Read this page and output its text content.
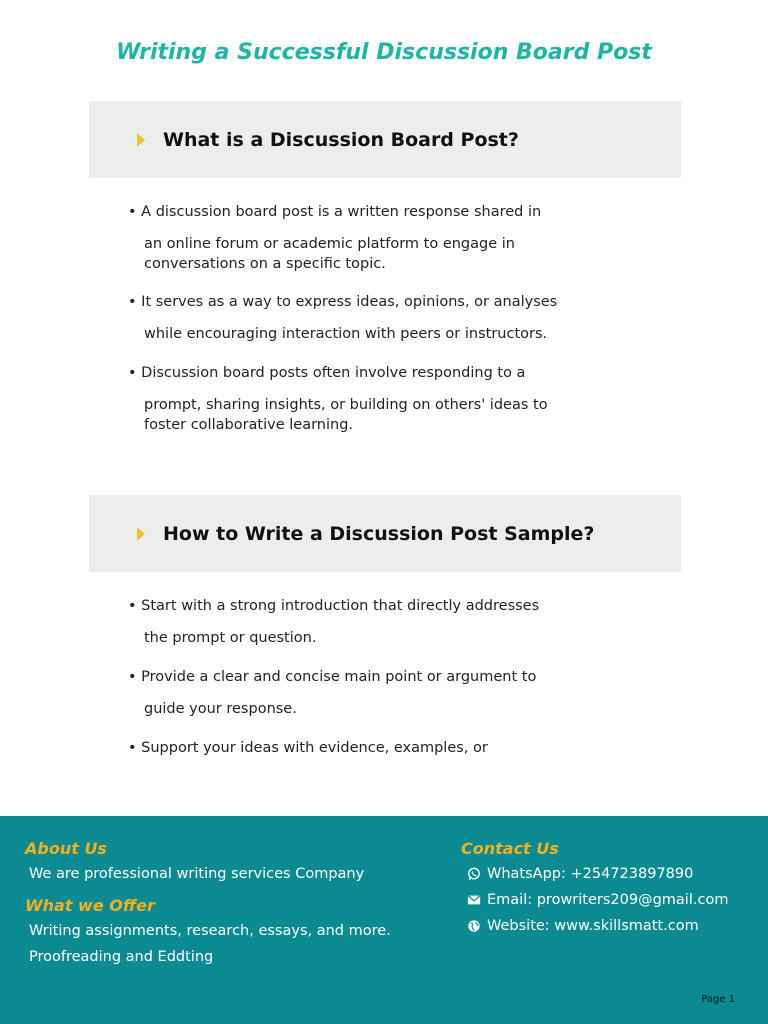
Writing a Successful Discussion Board Post
What is a Discussion Board Post?
• A discussion board post is a written response shared in
an online forum or academic platform to engage in conversations on a specific topic.
• It serves as a way to express ideas, opinions, or analyses
while encouraging interaction with peers or instructors.
• Discussion board posts often involve responding to a
prompt, sharing insights, or building on others' ideas to foster collaborative learning.
How to Write a Discussion Post Sample?
• Start with a strong introduction that directly addresses
the prompt or question.
• Provide a clear and concise main point or argument to
guide your response.
• Support your ideas with evidence, examples, or
About Us
We are professional writing services Company
What we Offer
Writing assignments, research, essays, and more.
Proofreading and Eddting
Contact Us
WhatsApp: +254723897890
Email: prowriters209@gmail.com
Website: www.skillsmatt.com
Page 1
